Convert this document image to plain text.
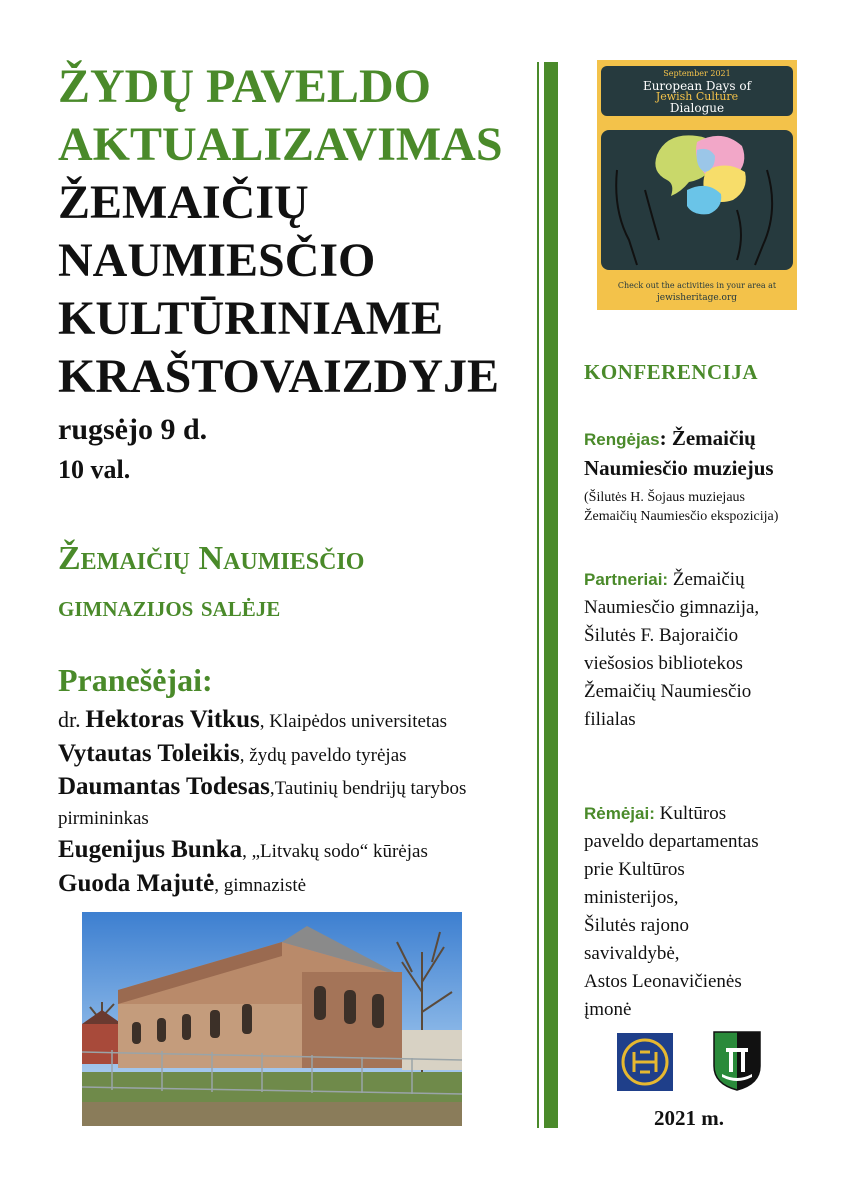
ŽYDŲ PAVELDO
AKTUALIZAVIMAS
ŽEMAIČIŲ
NAUMIESČIO
KULTŪRINIAME
KRAŠTOVAIZDYJE
rugsėjo 9 d.
10 val.
Žemaičių Naumiesčio
gimnazijos salėje
Pranešėjai:
dr. Hektoras Vitkus, Klaipėdos universitetas
Vytautas Toleikis, žydų paveldo tyrėjas
Daumantas Todesas,Tautinių bendrijų tarybos pirmininkas
Eugenijus Bunka, „Litvakų sodo“ kūrėjas
Guoda Majutė, gimnazistė
September 2021
European Days of
Jewish Culture
Dialogue
Check out the activities in your area at
jewisheritage.org
KONFERENCIJA
Rengėjas: Žemaičių
Naumiesčio muziejus
(Šilutės H. Šojaus muziejaus
Žemaičių Naumiesčio ekspozicija)
Partneriai: Žemaičių
Naumiesčio gimnazija,
Šilutės F. Bajoraičio
viešosios bibliotekos
Žemaičių Naumiesčio
filialas
Rėmėjai: Kultūros
paveldo departamentas
prie Kultūros
ministerijos,
Šilutės rajono
savivaldybė,
Astos Leonavičienės
įmonė
2021 m.
